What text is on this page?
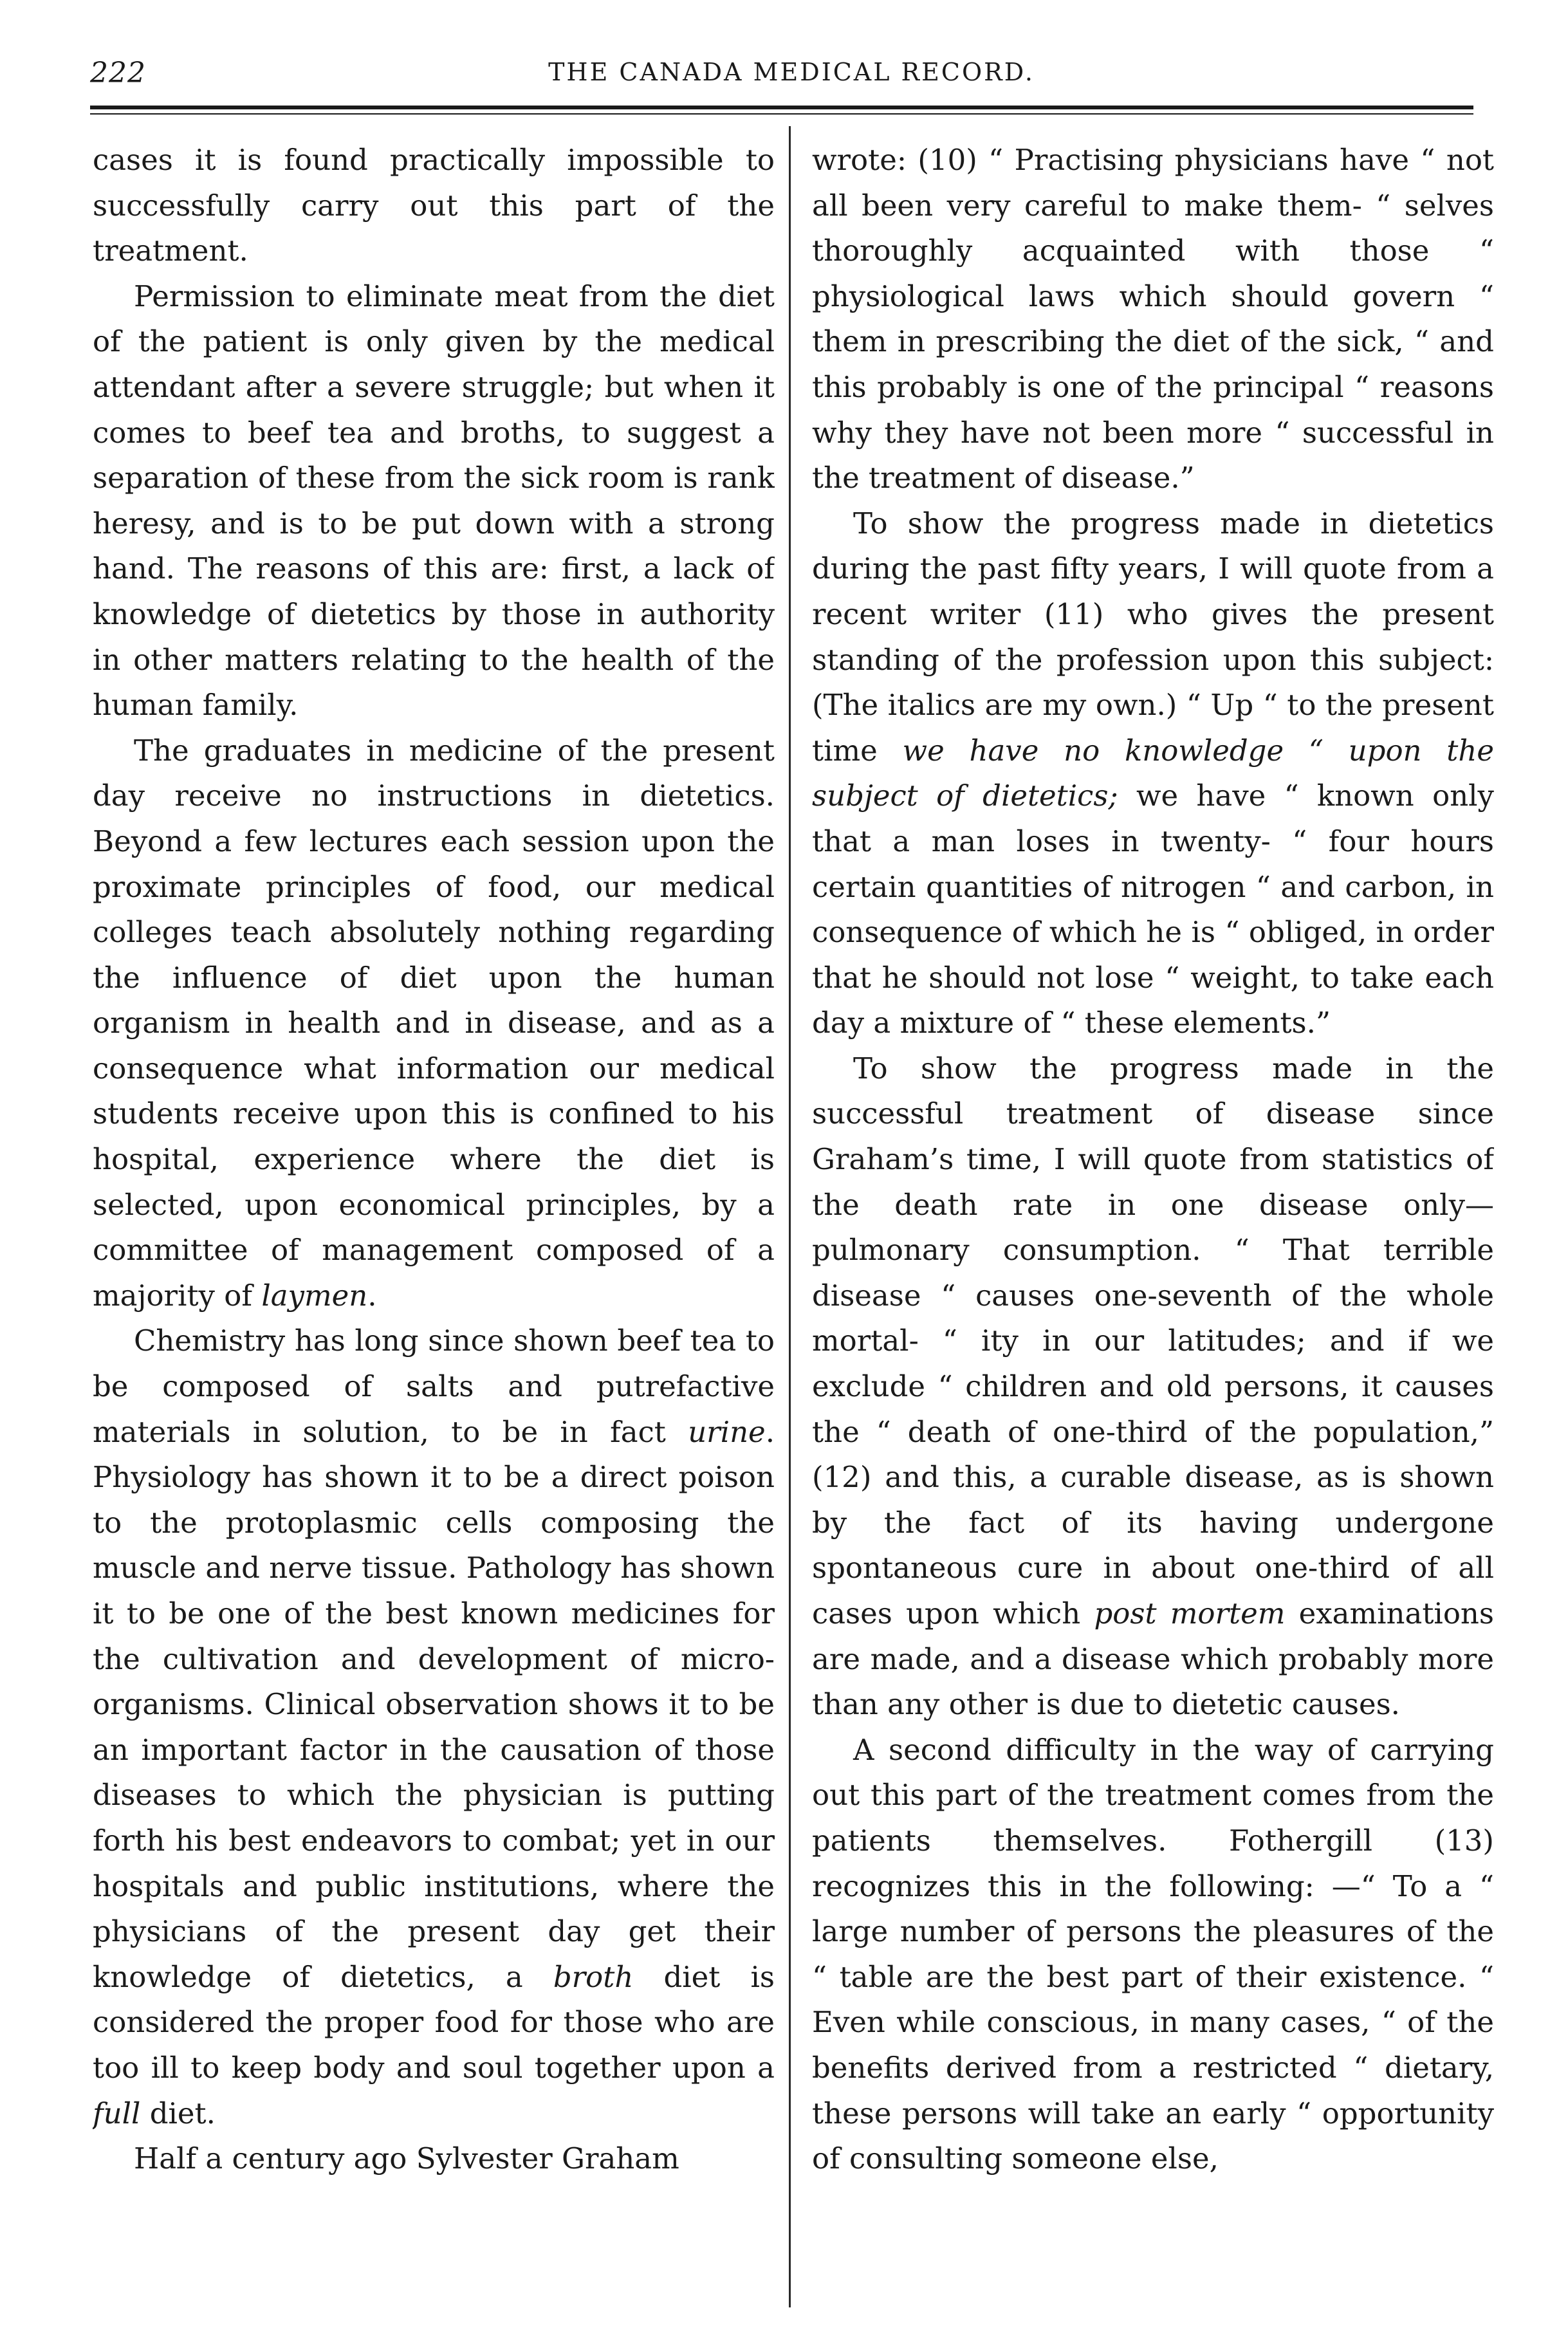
222	THE CANADA MEDICAL RECORD.

cases it is found practically impossible to successfully carry out this part of the treatment.

Permission to eliminate meat from the diet of the patient is only given by the medical attendant after a severe struggle; but when it comes to beef tea and broths, to suggest a separation of these from the sick room is rank heresy, and is to be put down with a strong hand. The reasons of this are: first, a lack of knowledge of dietetics by those in authority in other matters relating to the health of the human family.

The graduates in medicine of the present day receive no instructions in dietetics. Beyond a few lectures each session upon the proximate principles of food, our medical colleges teach absolutely nothing regarding the influence of diet upon the human organism in health and in disease, and as a consequence what information our medical students receive upon this is confined to his hospital, experience where the diet is selected, upon economical principles, by a committee of management composed of a majority of laymen.

Chemistry has long since shown beef tea to be composed of salts and putrefactive materials in solution, to be in fact urine. Physiology has shown it to be a direct poison to the protoplasmic cells composing the muscle and nerve tissue. Pathology has shown it to be one of the best known medicines for the cultivation and development of micro-organisms. Clinical observation shows it to be an important factor in the causation of those diseases to which the physician is putting forth his best endeavors to combat; yet in our hospitals and public institutions, where the physicians of the present day get their knowledge of dietetics, a broth diet is considered the proper food for those who are too ill to keep body and soul together upon a full diet.

Half a century ago Sylvester Graham

wrote: (10) “ Practising physicians have “ not all been very careful to make them- “ selves thoroughly acquainted with those “ physiological laws which should govern “ them in prescribing the diet of the sick, “ and this probably is one of the principal “ reasons why they have not been more “ successful in the treatment of disease.”

To show the progress made in dietetics during the past fifty years, I will quote from a recent writer (11) who gives the present standing of the profession upon this subject: (The italics are my own.) “ Up “ to the present time we have no knowledge “ upon the subject of dietetics; we have “ known only that a man loses in twenty- “ four hours certain quantities of nitrogen “ and carbon, in consequence of which he is “ obliged, in order that he should not lose “ weight, to take each day a mixture of “ these elements.”

To show the progress made in the successful treatment of disease since Graham’s time, I will quote from statistics of the death rate in one disease only—pulmonary consumption. “ That terrible disease “ causes one-seventh of the whole mortal- “ ity in our latitudes; and if we exclude “ children and old persons, it causes the “ death of one-third of the population,” (12) and this, a curable disease, as is shown by the fact of its having undergone spontaneous cure in about one-third of all cases upon which post mortem examinations are made, and a disease which probably more than any other is due to dietetic causes.

A second difficulty in the way of carrying out this part of the treatment comes from the patients themselves. Fothergill (13) recognizes this in the following: —“ To a “ large number of persons the pleasures of the “ table are the best part of their existence. “ Even while conscious, in many cases, “ of the benefits derived from a restricted “ dietary, these persons will take an early “ opportunity of consulting someone else,
